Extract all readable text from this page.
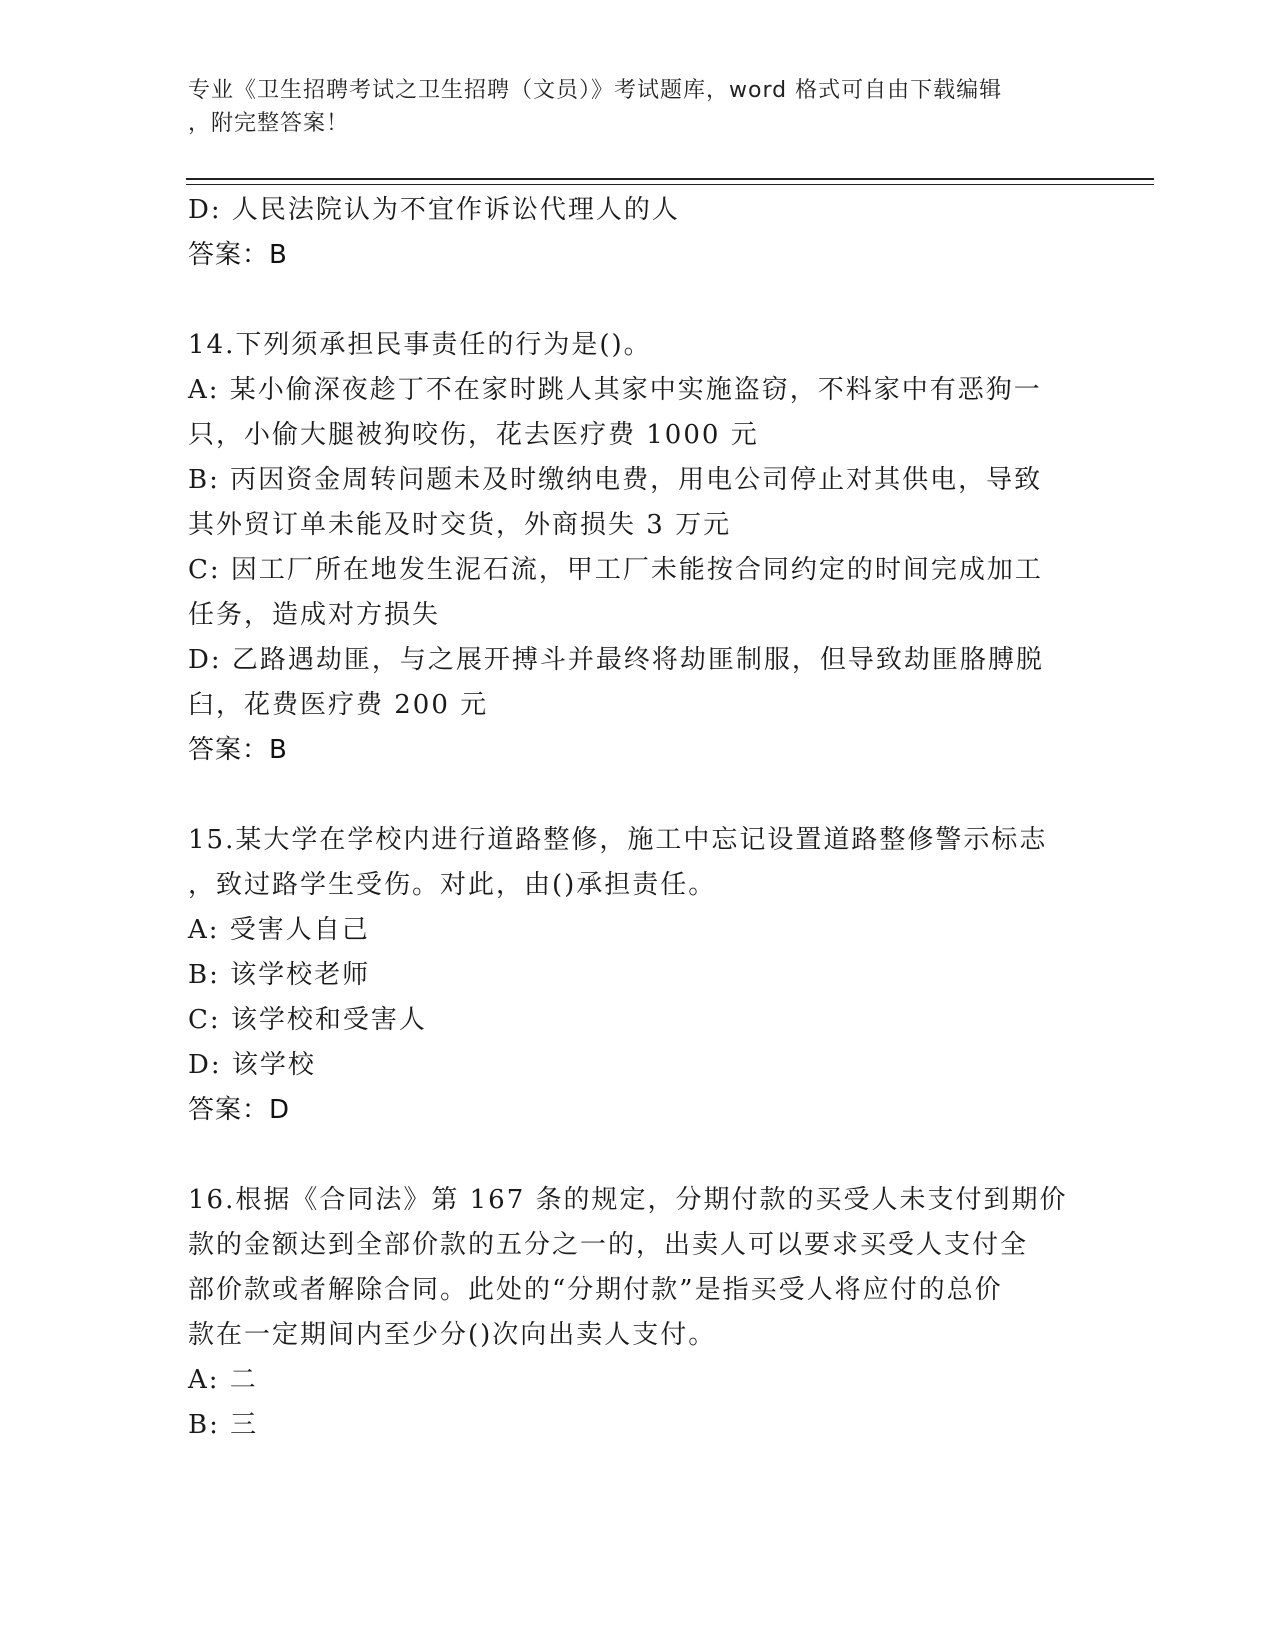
专业《卫生招聘考试之卫生招聘（文员）》考试题库，word 格式可自由下载编辑
，附完整答案！
D: 人民法院认为不宜作诉讼代理人的人
答案：B
14.下列须承担民事责任的行为是()。
A: 某小偷深夜趁丁不在家时跳人其家中实施盗窃，不料家中有恶狗一
只，小偷大腿被狗咬伤，花去医疗费 1000 元
B: 丙因资金周转问题未及时缴纳电费，用电公司停止对其供电，导致
其外贸订单未能及时交货，外商损失 3 万元
C: 因工厂所在地发生泥石流，甲工厂未能按合同约定的时间完成加工
任务，造成对方损失
D: 乙路遇劫匪，与之展开搏斗并最终将劫匪制服，但导致劫匪胳膊脱
臼，花费医疗费 200 元
答案：B
15.某大学在学校内进行道路整修，施工中忘记设置道路整修警示标志
，致过路学生受伤。对此，由()承担责任。
A: 受害人自己
B: 该学校老师
C: 该学校和受害人
D: 该学校
答案：D
16.根据《合同法》第 167 条的规定，分期付款的买受人未支付到期价
款的金额达到全部价款的五分之一的，出卖人可以要求买受人支付全
部价款或者解除合同。此处的“分期付款”是指买受人将应付的总价
款在一定期间内至少分()次向出卖人支付。
A: 二
B: 三
